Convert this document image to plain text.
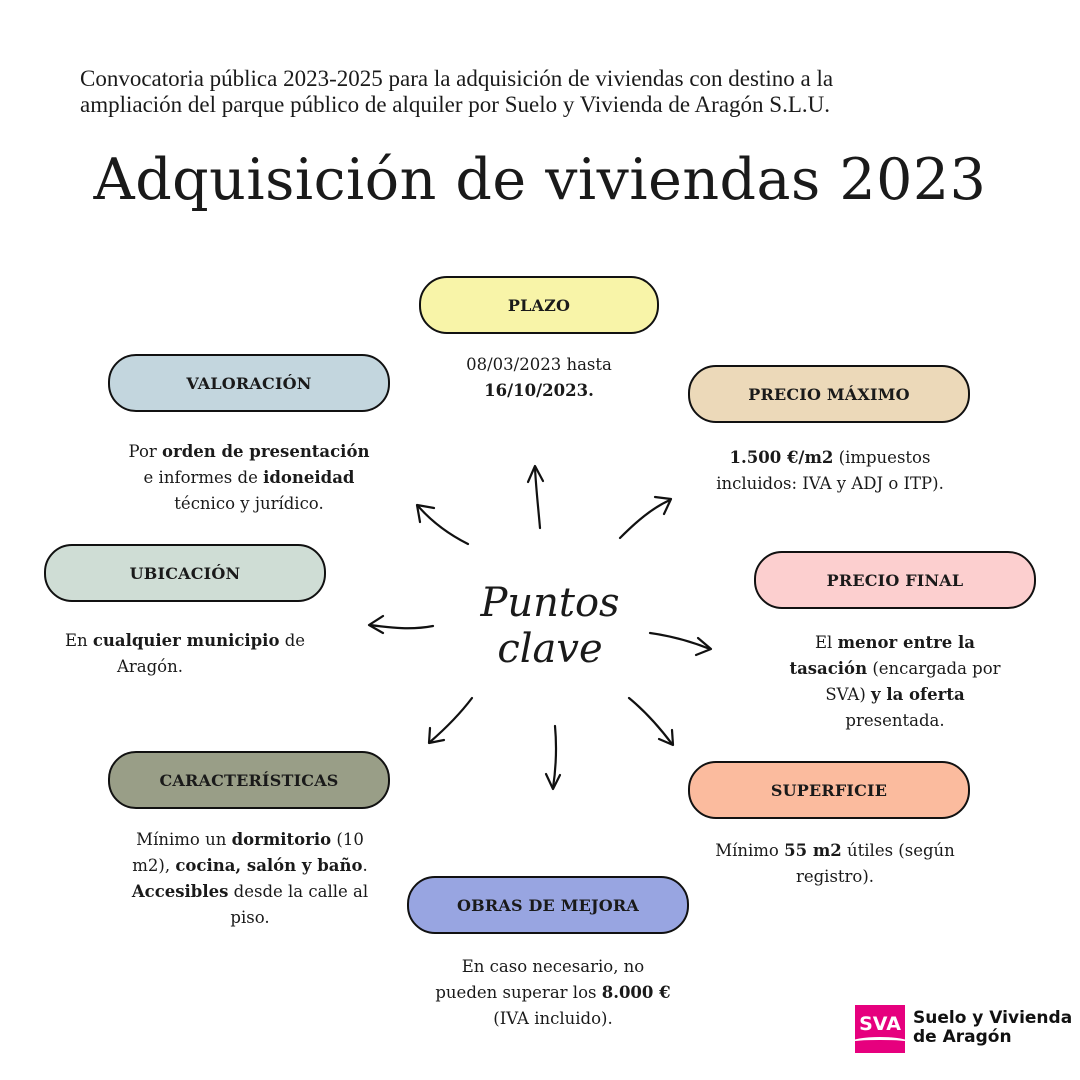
Convocatoria pública 2023-2025 para la adquisición de viviendas con destino a la
ampliación del parque público de alquiler por Suelo y Vivienda de Aragón S.L.U.
Adquisición de viviendas 2023
Puntos
clave
PLAZO
08/03/2023 hasta
16/10/2023.
VALORACIÓN
Por orden de presentación
e informes de idoneidad
técnico y jurídico.
PRECIO MÁXIMO
1.500 €/m2 (impuestos
incluidos: IVA y ADJ o ITP).
UBICACIÓN
En cualquier municipio de
Aragón.
PRECIO FINAL
El menor entre la
tasación (encargada por
SVA) y la oferta
presentada.
CARACTERÍSTICAS
Mínimo un dormitorio (10
m2), cocina, salón y baño.
Accesibles desde la calle al
piso.
SUPERFICIE
Mínimo 55 m2 útiles (según
registro).
OBRAS DE MEJORA
En caso necesario, no
pueden superar los 8.000 €
(IVA incluido).	SVA Suelo y Vivienda
de Aragón
